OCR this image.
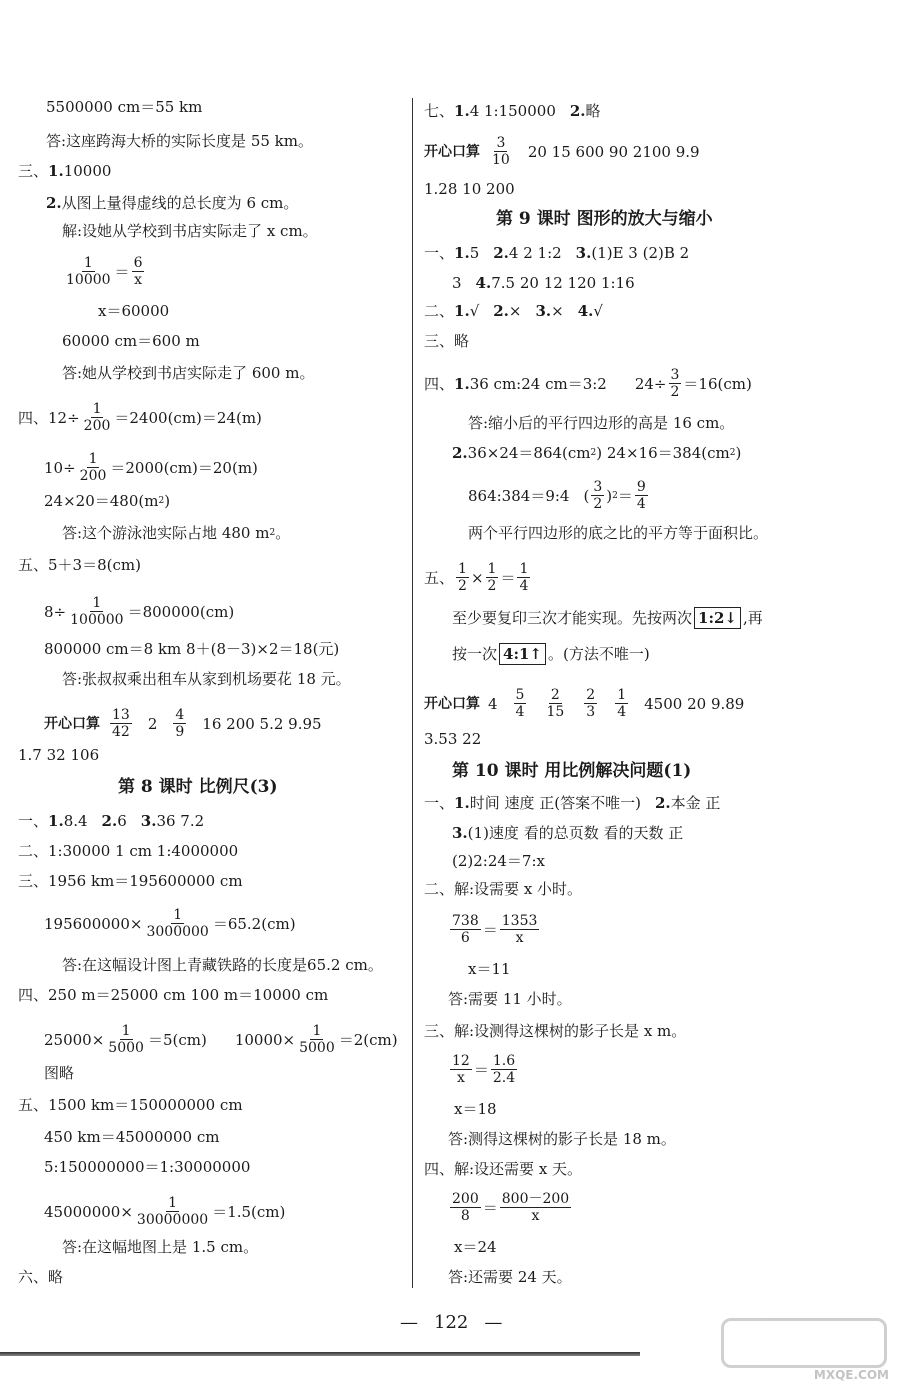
5500000 cm＝55 km
答:这座跨海大桥的实际长度是 55 km。
三、 1. 10000
2. 从图上量得虚线的总长度为 6 cm。
解:设她从学校到书店实际走了 x cm。
$\frac{1}{10000} = \frac{6}{x}$
x＝60000
60000 cm＝600 m
答:她从学校到书店实际走了 600 m。
四、$12\div \frac{1}{200} =2400(cm)=24(m)$
$10\div \frac{1}{200} =2000(cm)=20(m)$
24×20＝480(m 2 )
答:这个游泳池实际占地 480 m 2 。
五、5＋3＝8(cm)
$8\div \frac{1}{100000} =800000(cm)$
800000 cm＝8 km 8＋(8－3)×2＝18(元)
答:张叔叔乘出租车从家到机场要花 18 元。
开心口算 $\frac{13}{42} 2 \frac{4}{9} 16$ 200 5.2 9.95
1.7 32 106
第 8 课时 比例尺(3)
一、 1. 8.4 2. 6 3. 36 7.2
二、1:30000 1 cm 1:4000000
三、1956 km＝195600000 cm
$195600000\times \frac{1}{3000000} =65.2(cm)$
答:在这幅设计图上青藏铁路的长度是65.2 cm。
四、250 m＝25000 cm 100 m＝10000 cm
$25000\times \frac{1}{5000} =5(cm)$ $10000\times \frac{1}{5000} =2(cm)$
图略
五、1500 km＝150000000 cm
450 km＝45000000 cm
5:150000000＝1:30000000
$45000000\times \frac{1}{30000000} =1.5(cm)$
答:在这幅地图上是 1.5 cm。
六、略
七、 1. 4 1:150000 2. 略
开心口算 $\frac{3}{10} 20$ 15 600 90 2100 9.9
1.28 10 200
第 9 课时 图形的放大与缩小
一、 1. 5 2. 4 2 1:2 3. (1)E 3 (2)B 2
3 4. 7.5 20 12 120 1:16
二、 1. √ 2. × 3. × 4. √
三、略
四、 1. 36 cm:24 cm＝3:2 $24\div \frac{3}{2} =16(cm)$
答:缩小后的平行四边形的高是 16 cm。
2. 36×24＝864(cm 2 ) 24×16＝384(cm 2 )
864:384＝9:4 ( $\frac{3}{2}$ ) $2 = \frac{9}{4}$
两个平行四边形的底之比的平方等于面积比。
五、 $\frac{1}{2} \times \frac{1}{2} = \frac{1}{4}$
至少要复印三次才能实现。先按两次 1:2↓ ,再
按一次 4:1↑ 。(方法不唯一)
开心口算 $4 \frac{5}{4} \frac{2}{15} \frac{2}{3} \frac{1}{4} 4500$ 20 9.89
3.53 22
第 10 课时 用比例解决问题(1)
一、 1. 时间 速度 正(答案不唯一) 2. 本金 正
3. (1)速度 看的总页数 看的天数 正
(2)2:24＝7:x
二、解:设需要 x 小时。
$\frac{738}{6} = \frac{1353}{x}$
x＝11
答:需要 11 小时。
三、解:设测得这棵树的影子长是 x m。
$\frac{12}{x} = \frac{1.6}{2.4}$
x＝18
答:测得这棵树的影子长是 18 m。
四、解:设还需要 x 天。
$\frac{200}{8} = \frac{800-200}{x}$
x＝24
答:还需要 24 天。
— 122 —
MXQE.COM
